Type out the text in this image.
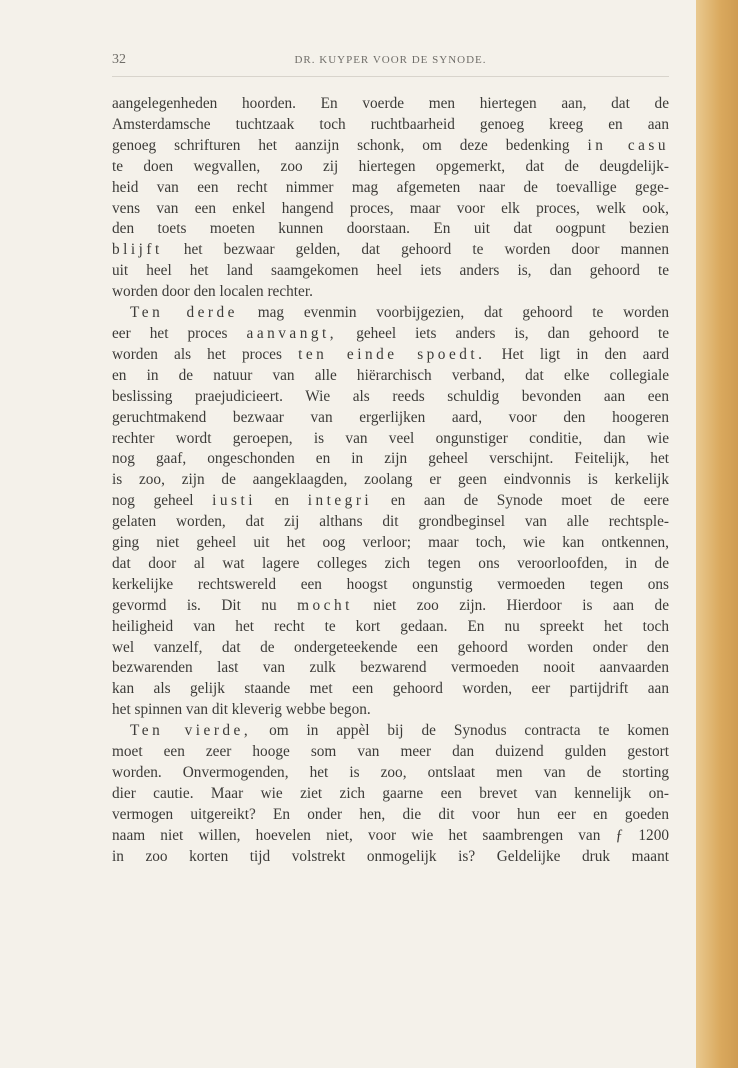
32	DR. KUYPER VOOR DE SYNODE.
aangelegenheden hoorden. En voerde men hiertegen aan, dat de
Amsterdamsche tuchtzaak toch ruchtbaarheid genoeg kreeg en aan
genoeg schrifturen het aanzijn schonk, om deze bedenking in casu
te doen wegvallen, zoo zij hiertegen opgemerkt, dat de deugdelijk-
heid van een recht nimmer mag afgemeten naar de toevallige gege-
vens van een enkel hangend proces, maar voor elk proces, welk ook,
den toets moeten kunnen doorstaan. En uit dat oogpunt bezien
blijft het bezwaar gelden, dat gehoord te worden door mannen
uit heel het land saamgekomen heel iets anders is, dan gehoord te
worden door den localen rechter.
Ten derde mag evenmin voorbijgezien, dat gehoord te worden
eer het proces aanvangt, geheel iets anders is, dan gehoord te
worden als het proces ten einde spoedt. Het ligt in den aard
en in de natuur van alle hiërarchisch verband, dat elke collegiale
beslissing praejudicieert. Wie als reeds schuldig bevonden aan een
geruchtmakend bezwaar van ergerlijken aard, voor den hoogeren
rechter wordt geroepen, is van veel ongunstiger conditie, dan wie
nog gaaf, ongeschonden en in zijn geheel verschijnt. Feitelijk, het
is zoo, zijn de aangeklaagden, zoolang er geen eindvonnis is kerkelijk
nog geheel iusti en integri en aan de Synode moet de eere
gelaten worden, dat zij althans dit grondbeginsel van alle rechtsple-
ging niet geheel uit het oog verloor; maar toch, wie kan ontkennen,
dat door al wat lagere colleges zich tegen ons veroorloofden, in de
kerkelijke rechtswereld een hoogst ongunstig vermoeden tegen ons
gevormd is. Dit nu mocht niet zoo zijn. Hierdoor is aan de
heiligheid van het recht te kort gedaan. En nu spreekt het toch
wel vanzelf, dat de ondergeteekende een gehoord worden onder den
bezwarenden last van zulk bezwarend vermoeden nooit aanvaarden
kan als gelijk staande met een gehoord worden, eer partijdrift aan
het spinnen van dit kleverig webbe begon.
Ten vierde, om in appèl bij de Synodus contracta te komen
moet een zeer hooge som van meer dan duizend gulden gestort
worden. Onvermogenden, het is zoo, ontslaat men van de storting
dier cautie. Maar wie ziet zich gaarne een brevet van kennelijk on-
vermogen uitgereikt? En onder hen, die dit voor hun eer en goeden
naam niet willen, hoevelen niet, voor wie het saambrengen van ƒ 1200
in zoo korten tijd volstrekt onmogelijk is? Geldelijke druk maant
